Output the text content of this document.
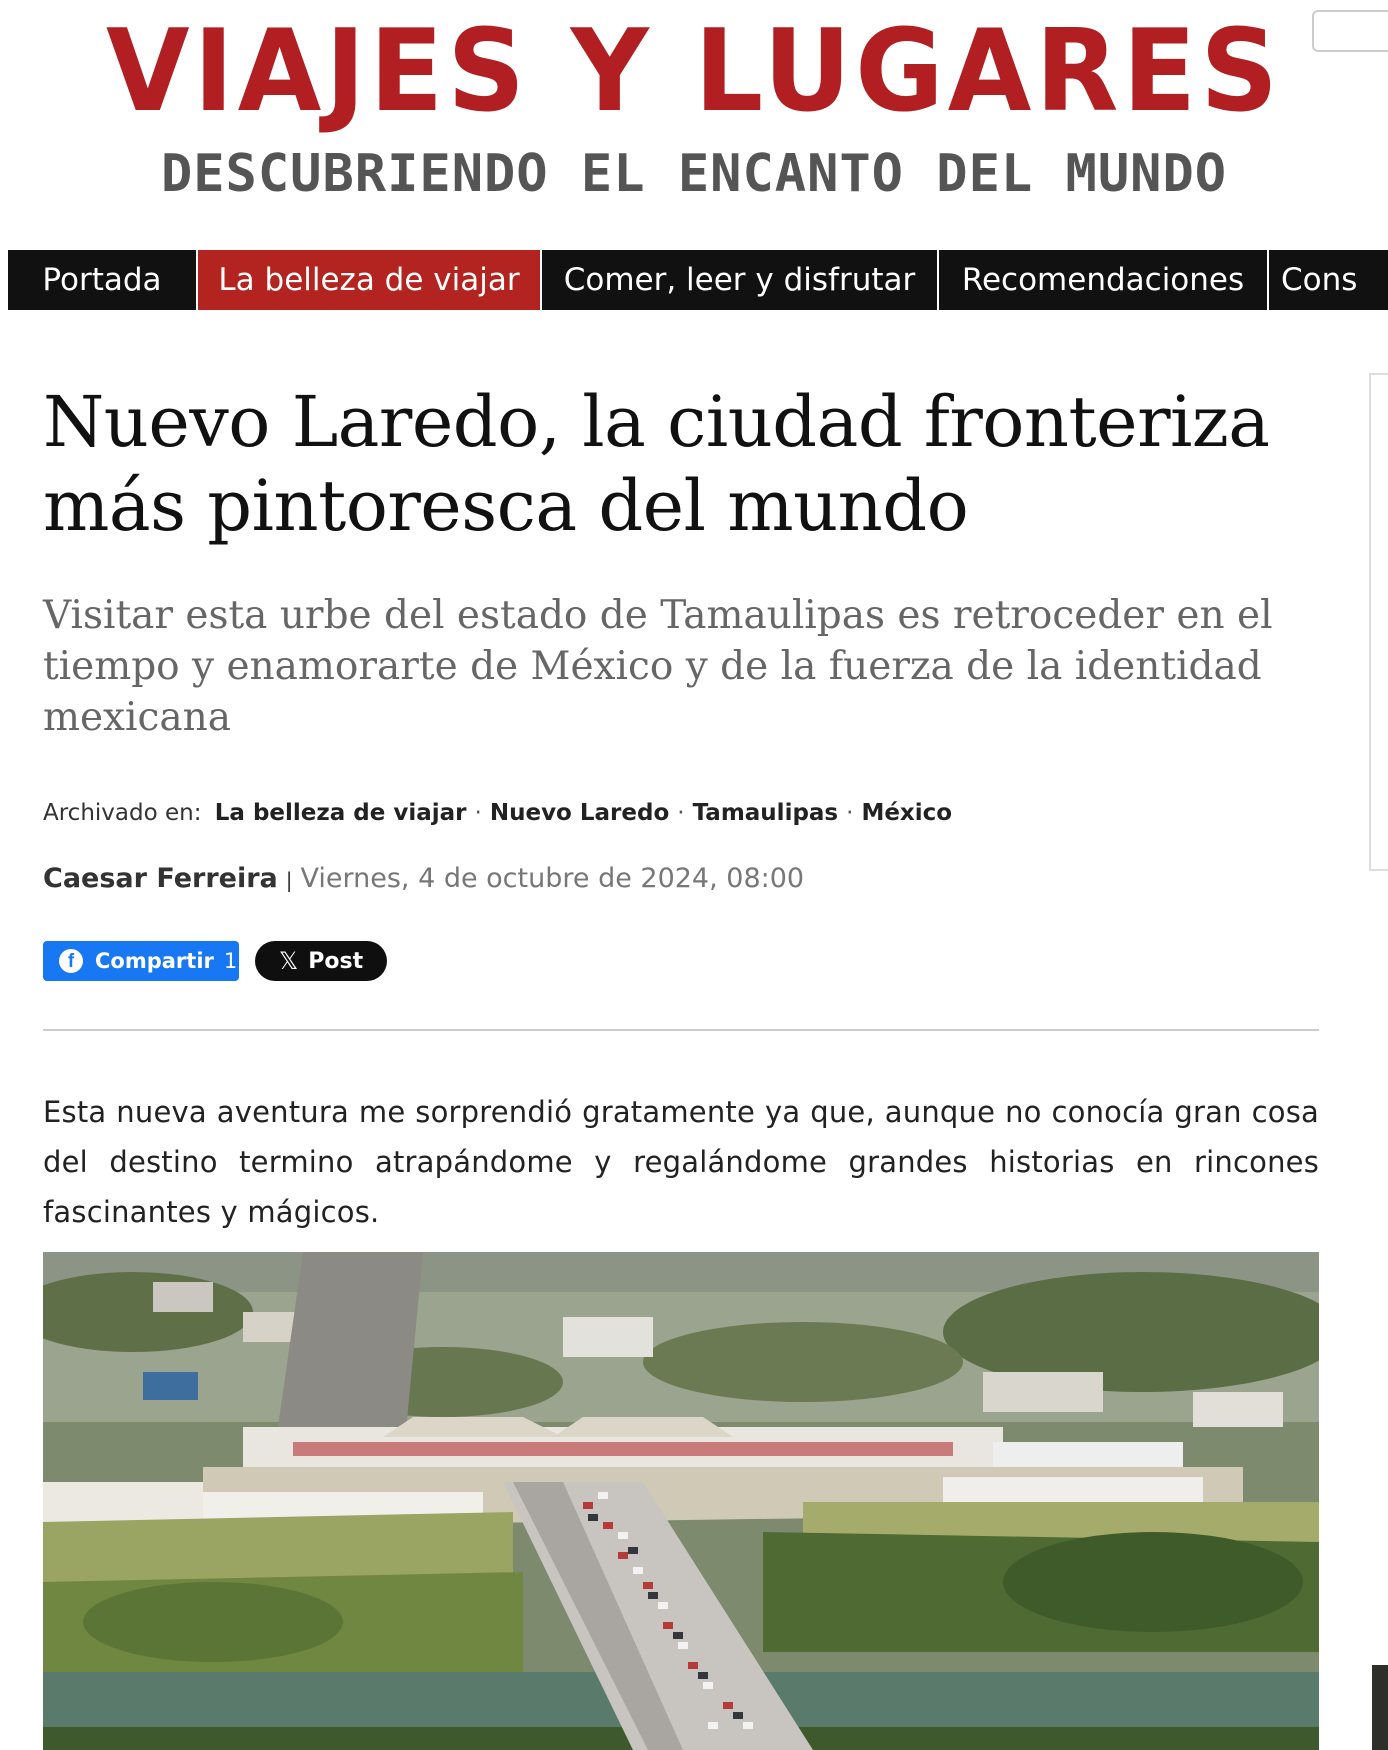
VIAJES Y LUGARES
DESCUBRIENDO EL ENCANTO DEL MUNDO
Portada	La belleza de viajar	Comer, leer y disfrutar	Recomendaciones	Cons
Nuevo Laredo, la ciudad fronteriza más pintoresca del mundo
Visitar esta urbe del estado de Tamaulipas es retroceder en el tiempo y enamorarte de México y de la fuerza de la identidad mexicana
Archivado en: La belleza de viajar · Nuevo Laredo · Tamaulipas · México
Caesar Ferreira | Viernes, 4 de octubre de 2024, 08:00
f Compartir 1 𝕏 Post

Esta nueva aventura me sorprendió gratamente ya que, aunque no conocía gran cosa del destino termino atrapándome y regalándome grandes historias en rincones fascinantes y mágicos.
